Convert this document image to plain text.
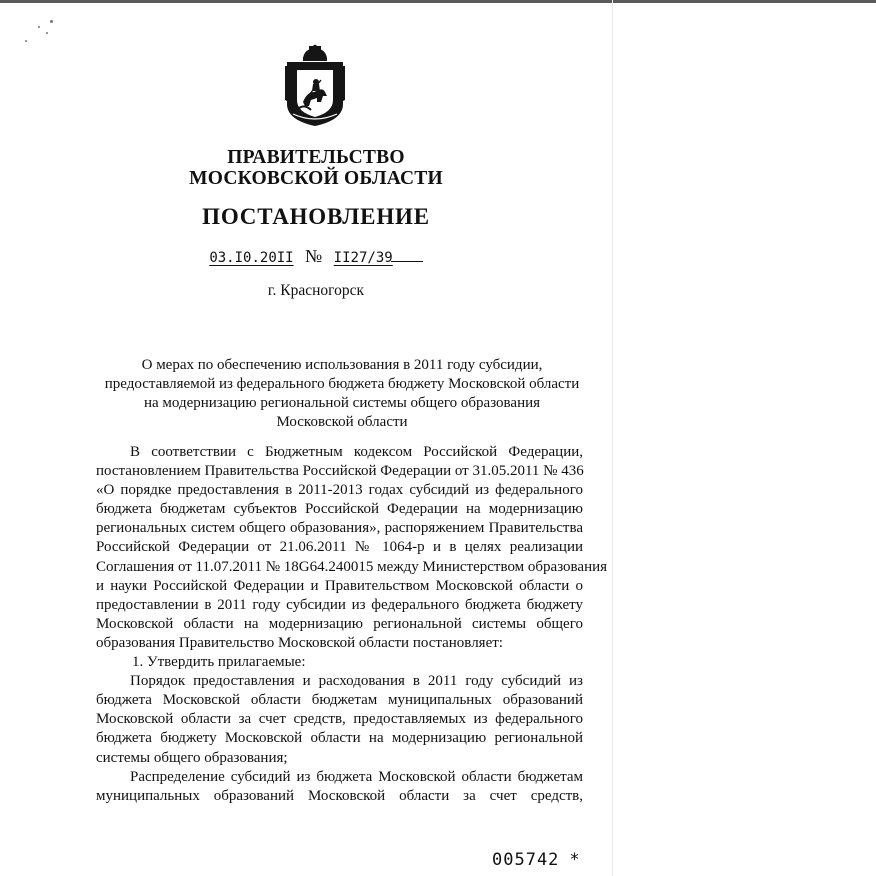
ПРАВИТЕЛЬСТВО
МОСКОВСКОЙ ОБЛАСТИ
ПОСТАНОВЛЕНИЕ
03.I0.20II № II27/39
г. Красногорск
О мерах по обеспечению использования в 2011 году субсидии,
предоставляемой из федерального бюджета бюджету Московской области
на модернизацию региональной системы общего образования
Московской области
В соответствии с Бюджетным кодексом Российской Федерации,
постановлением Правительства Российской Федерации от 31.05.2011 № 436
«О порядке предоставления в 2011-2013 годах субсидий из федерального
бюджета бюджетам субъектов Российской Федерации на модернизацию
региональных систем общего образования», распоряжением Правительства
Российской Федерации от 21.06.2011 № 1064-р и в целях реализации
Соглашения от 11.07.2011 № 18G64.240015 между Министерством образования
и науки Российской Федерации и Правительством Московской области о
предоставлении в 2011 году субсидии из федерального бюджета бюджету
Московской области на модернизацию региональной системы общего
образования Правительство Московской области постановляет:
1. Утвердить прилагаемые:
Порядок предоставления и расходования в 2011 году субсидий из
бюджета Московской области бюджетам муниципальных образований
Московской области за счет средств, предоставляемых из федерального
бюджета бюджету Московской области на модернизацию региональной
системы общего образования;
Распределение субсидий из бюджета Московской области бюджетам
муниципальных образований Московской области за счет средств,
005742 *
